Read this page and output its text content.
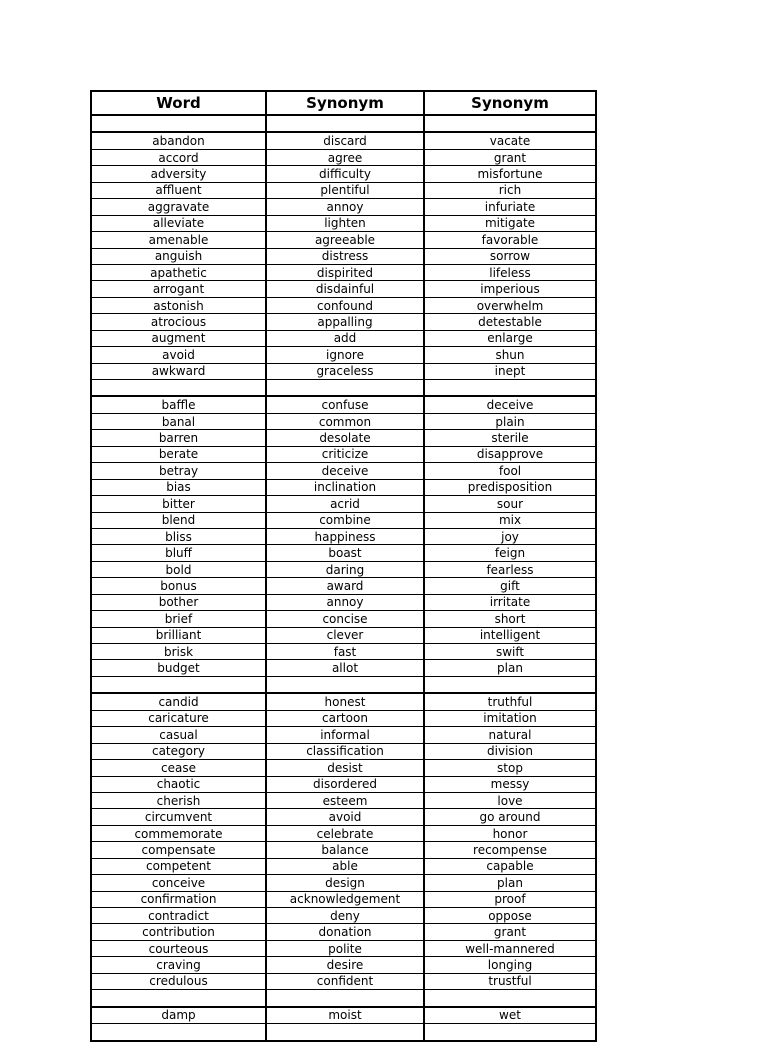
Word	Synonym	Synonym

abandon	discard	vacate
accord	agree	grant
adversity	difficulty	misfortune
affluent	plentiful	rich
aggravate	annoy	infuriate
alleviate	lighten	mitigate
amenable	agreeable	favorable
anguish	distress	sorrow
apathetic	dispirited	lifeless
arrogant	disdainful	imperious
astonish	confound	overwhelm
atrocious	appalling	detestable
augment	add	enlarge
avoid	ignore	shun
awkward	graceless	inept

baffle	confuse	deceive
banal	common	plain
barren	desolate	sterile
berate	criticize	disapprove
betray	deceive	fool
bias	inclination	predisposition
bitter	acrid	sour
blend	combine	mix
bliss	happiness	joy
bluff	boast	feign
bold	daring	fearless
bonus	award	gift
bother	annoy	irritate
brief	concise	short
brilliant	clever	intelligent
brisk	fast	swift
budget	allot	plan

candid	honest	truthful
caricature	cartoon	imitation
casual	informal	natural
category	classification	division
cease	desist	stop
chaotic	disordered	messy
cherish	esteem	love
circumvent	avoid	go around
commemorate	celebrate	honor
compensate	balance	recompense
competent	able	capable
conceive	design	plan
confirmation	acknowledgement	proof
contradict	deny	oppose
contribution	donation	grant
courteous	polite	well-mannered
craving	desire	longing
credulous	confident	trustful

damp	moist	wet
